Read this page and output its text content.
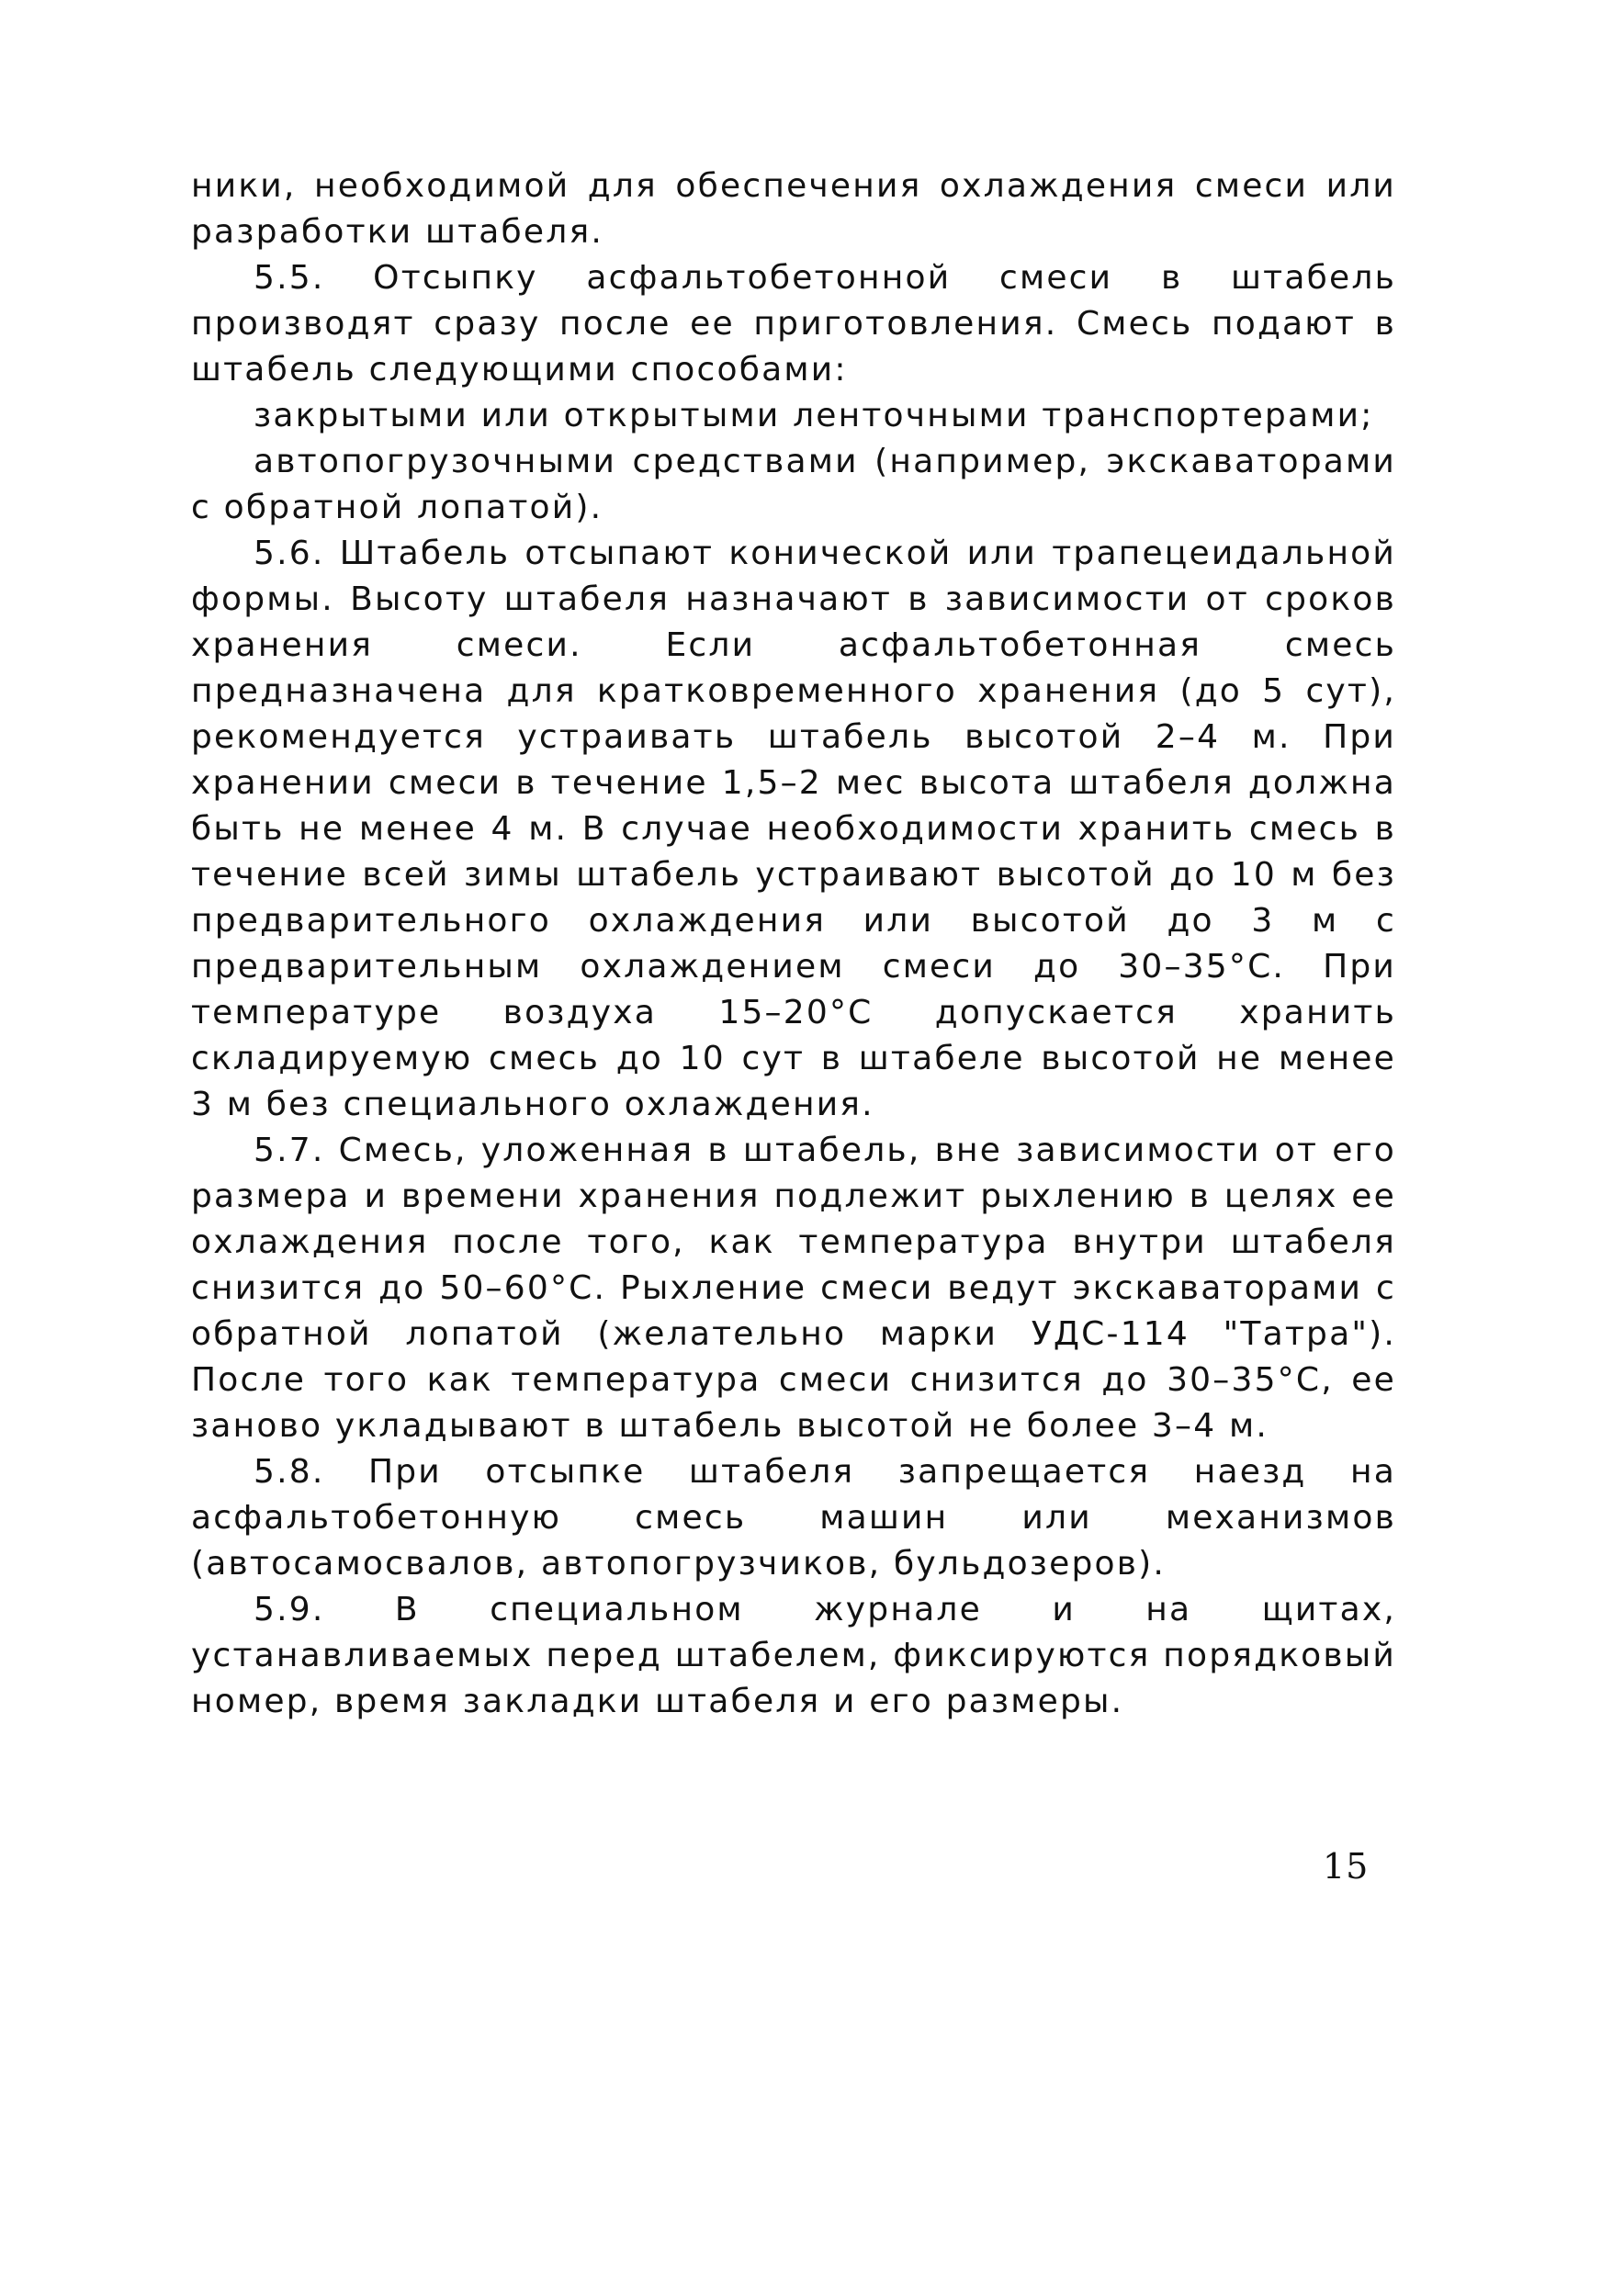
ники, необходимой для обеспечения охлаждения смеси или разработки штабеля.

5.5. Отсыпку асфальтобетонной смеси в штабель производят сразу после ее приготовления. Смесь подают в штабель следующими способами:

закрытыми или открытыми ленточными транспортерами;

автопогрузочными средствами (например, экскаваторами с обратной лопатой).

5.6. Штабель отсыпают конической или трапецеидальной формы. Высоту штабеля назначают в зависимости от сроков хранения смеси. Если асфальтобетонная смесь предназначена для кратковременного хранения (до 5 сут), рекомендуется устраивать штабель высотой 2–4 м. При хранении смеси в течение 1,5–2 мес высота штабеля должна быть не менее 4 м. В случае необходимости хранить смесь в течение всей зимы штабель устраивают высотой до 10 м без предварительного охлаждения или высотой до 3 м с предварительным охлаждением смеси до 30–35°С. При температуре воздуха 15–20°С допускается хранить складируемую смесь до 10 сут в штабеле высотой не менее 3 м без специального охлаждения.

5.7. Смесь, уложенная в штабель, вне зависимости от его размера и времени хранения подлежит рыхлению в целях ее охлаждения после того, как температура внутри штабеля снизится до 50–60°С. Рыхление смеси ведут экскаваторами с обратной лопатой (желательно марки УДС-114 "Татра"). После того как температура смеси снизится до 30–35°С, ее заново укладывают в штабель высотой не более 3–4 м.

5.8. При отсыпке штабеля запрещается наезд на асфальтобетонную смесь машин или механизмов (автосамосвалов, автопогрузчиков, бульдозеров).

5.9. В специальном журнале и на щитах, устанавливаемых перед штабелем, фиксируются порядковый номер, время закладки штабеля и его размеры.

15
